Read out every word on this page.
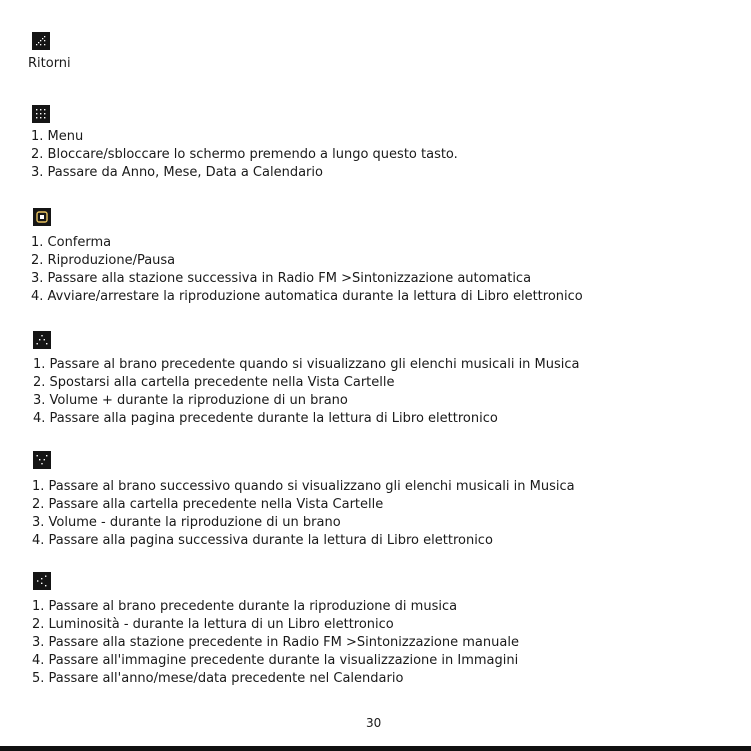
Ritorni
1. Menu
2. Bloccare/sbloccare lo schermo premendo a lungo questo tasto.
3. Passare da Anno, Mese, Data a Calendario
1. Conferma
2. Riproduzione/Pausa
3. Passare alla stazione successiva in Radio FM >Sintonizzazione automatica
4. Avviare/arrestare la riproduzione automatica durante la lettura di Libro elettronico
1. Passare al brano precedente quando si visualizzano gli elenchi musicali in Musica
2. Spostarsi alla cartella precedente nella Vista Cartelle
3. Volume + durante la riproduzione di un brano
4. Passare alla pagina precedente durante la lettura di Libro elettronico
1. Passare al brano successivo quando si visualizzano gli elenchi musicali in Musica
2. Passare alla cartella precedente nella Vista Cartelle
3. Volume - durante la riproduzione di un brano
4. Passare alla pagina successiva durante la lettura di Libro elettronico
1. Passare al brano precedente durante la riproduzione di musica
2. Luminosità - durante la lettura di un Libro elettronico
3. Passare alla stazione precedente in Radio FM >Sintonizzazione manuale
4. Passare all'immagine precedente durante la visualizzazione in Immagini
5. Passare all'anno/mese/data precedente nel Calendario
30
